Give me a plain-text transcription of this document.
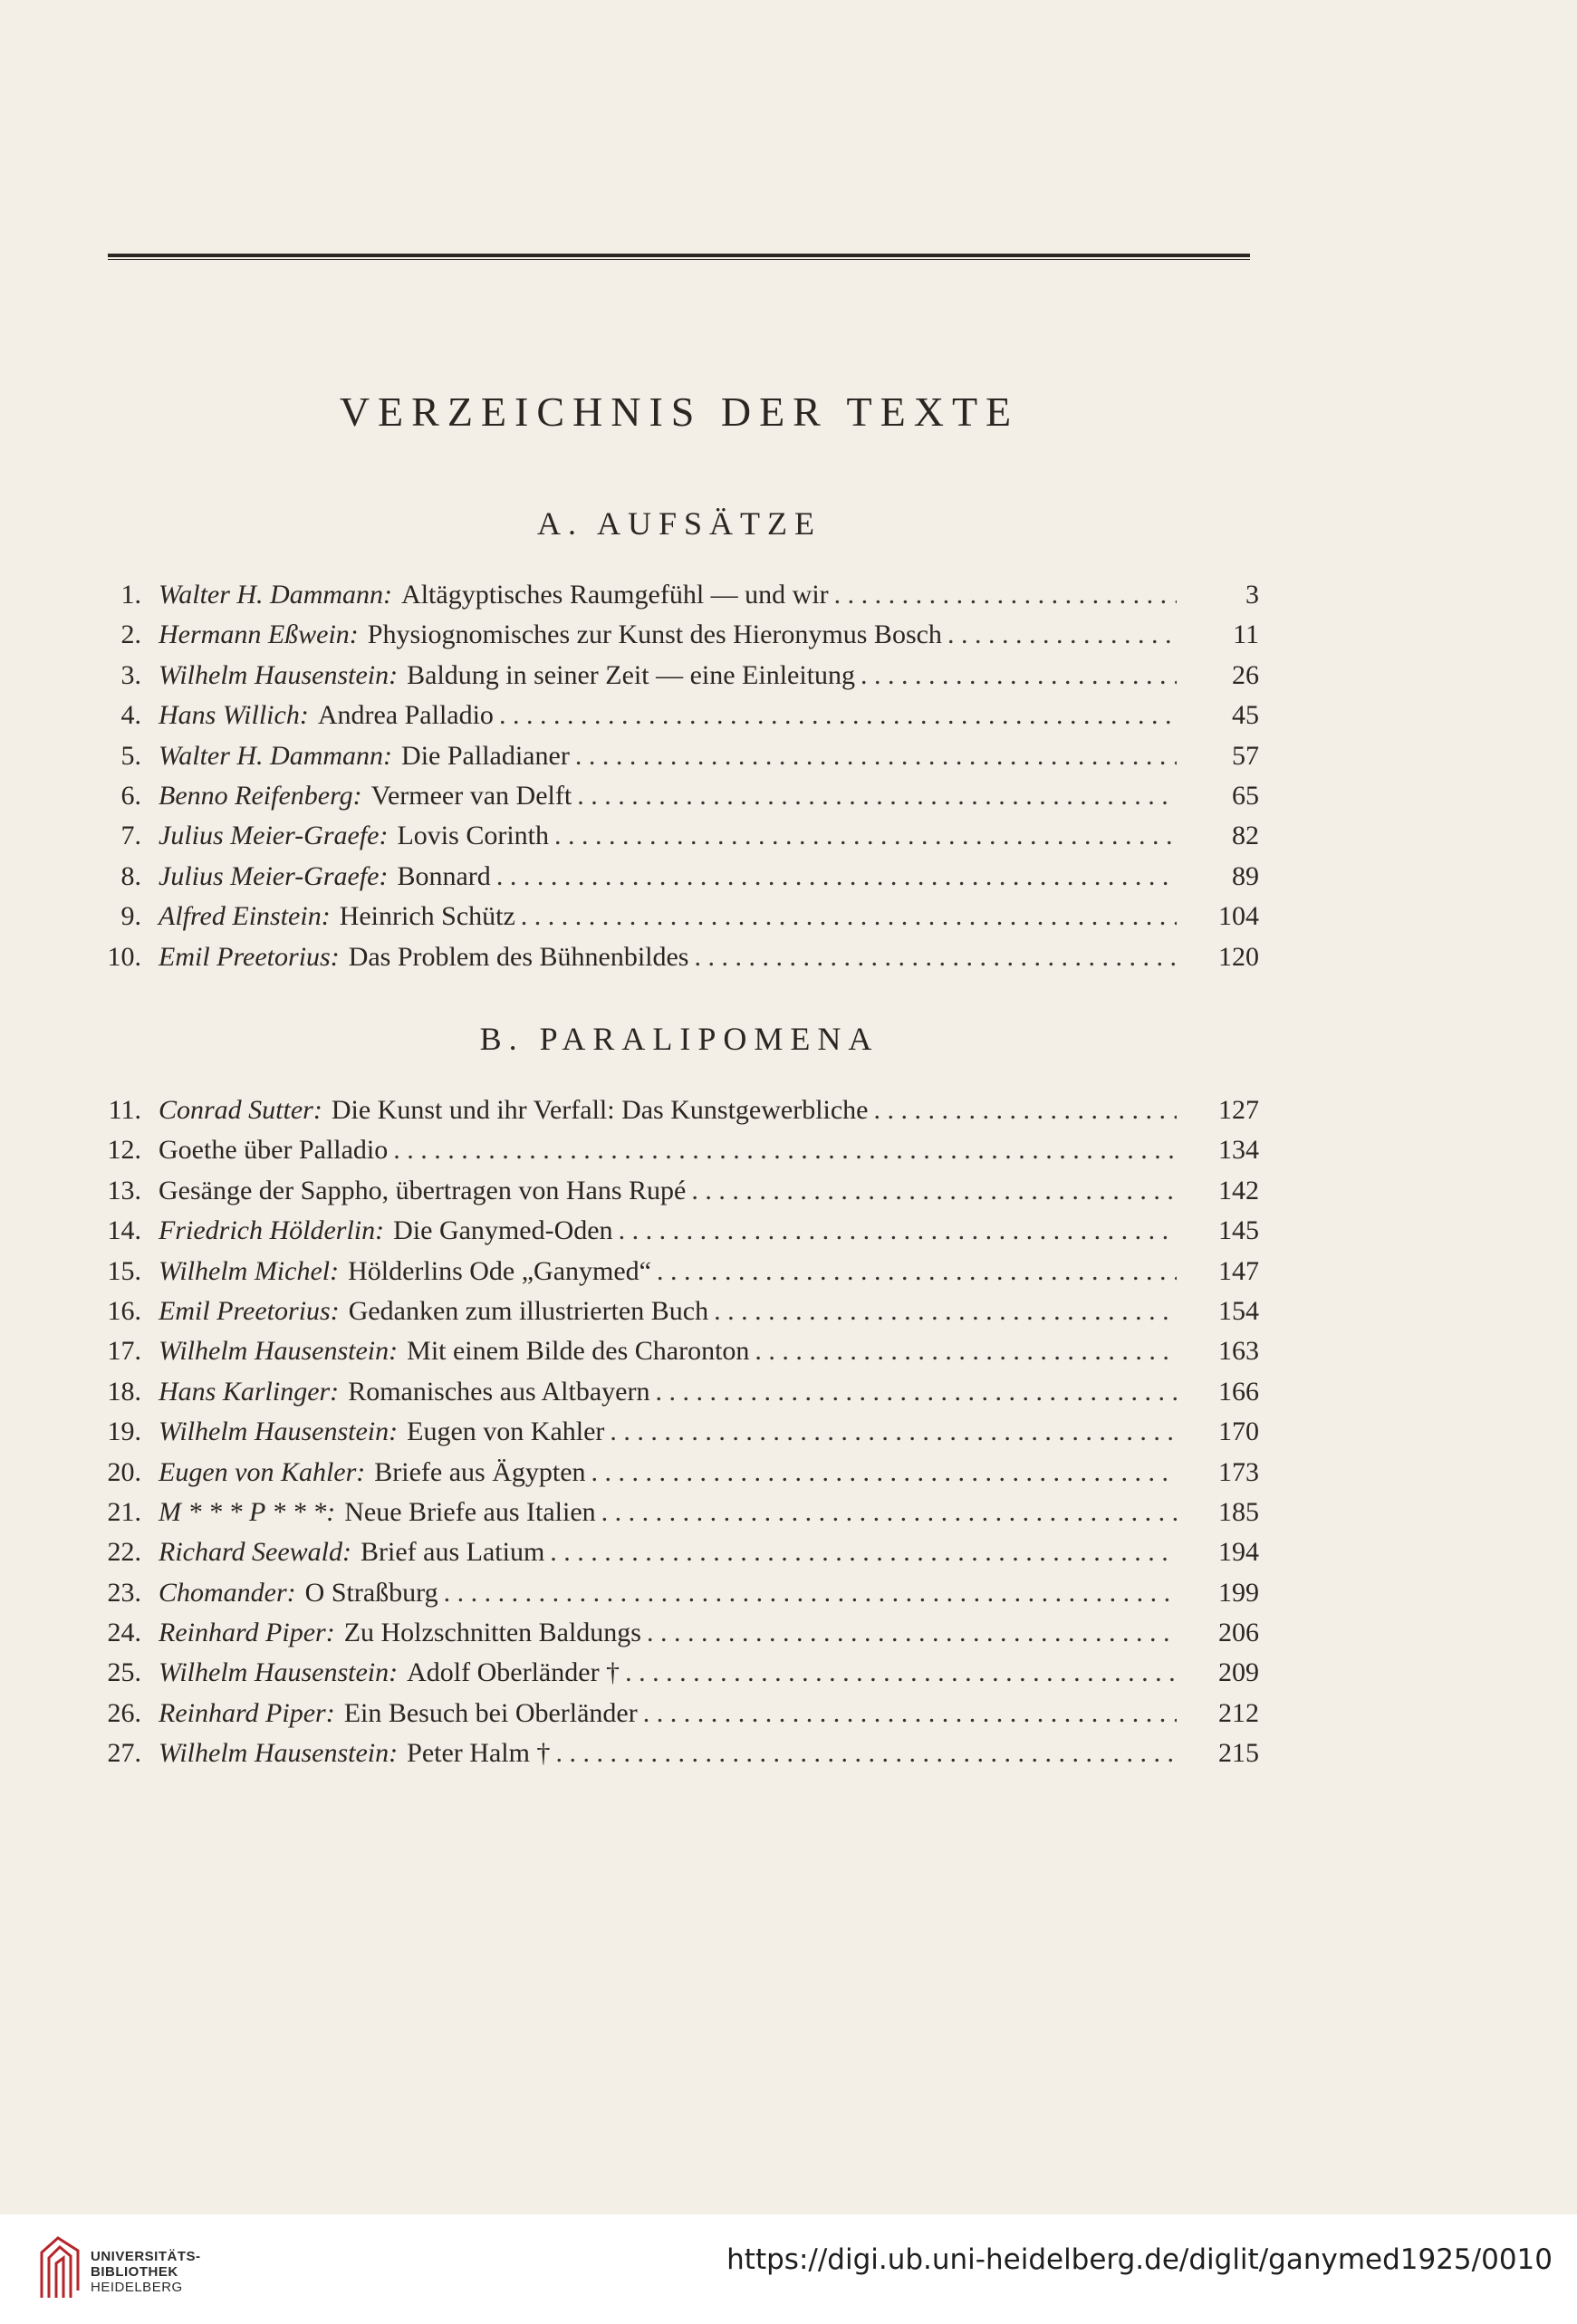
VERZEICHNIS DER TEXTE
A. AUFSÄTZE
1. Walter H. Dammann: Altägyptisches Raumgefühl — und wir . . .	3
2. Hermann Eßwein: Physiognomisches zur Kunst des Hieronymus Bosch . . .	11
3. Wilhelm Hausenstein: Baldung in seiner Zeit — eine Einleitung . . .	26
4. Hans Willich: Andrea Palladio . . .	45
5. Walter H. Dammann: Die Palladianer . . .	57
6. Benno Reifenberg: Vermeer van Delft . . .	65
7. Julius Meier-Graefe: Lovis Corinth . . .	82
8. Julius Meier-Graefe: Bonnard . . .	89
9. Alfred Einstein: Heinrich Schütz . . .	104
10. Emil Preetorius: Das Problem des Bühnenbildes . . .	120
B. PARALIPOMENA
11. Conrad Sutter: Die Kunst und ihr Verfall: Das Kunstgewerbliche . . .	127
12. Goethe über Palladio . . .	134
13. Gesänge der Sappho, übertragen von Hans Rupé . . .	142
14. Friedrich Hölderlin: Die Ganymed-Oden . . .	145
15. Wilhelm Michel: Hölderlins Ode „Ganymed“ . . .	147
16. Emil Preetorius: Gedanken zum illustrierten Buch . . .	154
17. Wilhelm Hausenstein: Mit einem Bilde des Charonton . . .	163
18. Hans Karlinger: Romanisches aus Altbayern . . .	166
19. Wilhelm Hausenstein: Eugen von Kahler . . .	170
20. Eugen von Kahler: Briefe aus Ägypten . . .	173
21. M * * * P * * *: Neue Briefe aus Italien . . .	185
22. Richard Seewald: Brief aus Latium . . .	194
23. Chomander: O Straßburg . . .	199
24. Reinhard Piper: Zu Holzschnitten Baldungs . . .	206
25. Wilhelm Hausenstein: Adolf Oberländer † . . .	209
26. Reinhard Piper: Ein Besuch bei Oberländer . . .	212
27. Wilhelm Hausenstein: Peter Halm † . . .	215
UNIVERSITÄTS-
BIBLIOTHEK
HEIDELBERG
https://digi.ub.uni-heidelberg.de/diglit/ganymed1925/0010
